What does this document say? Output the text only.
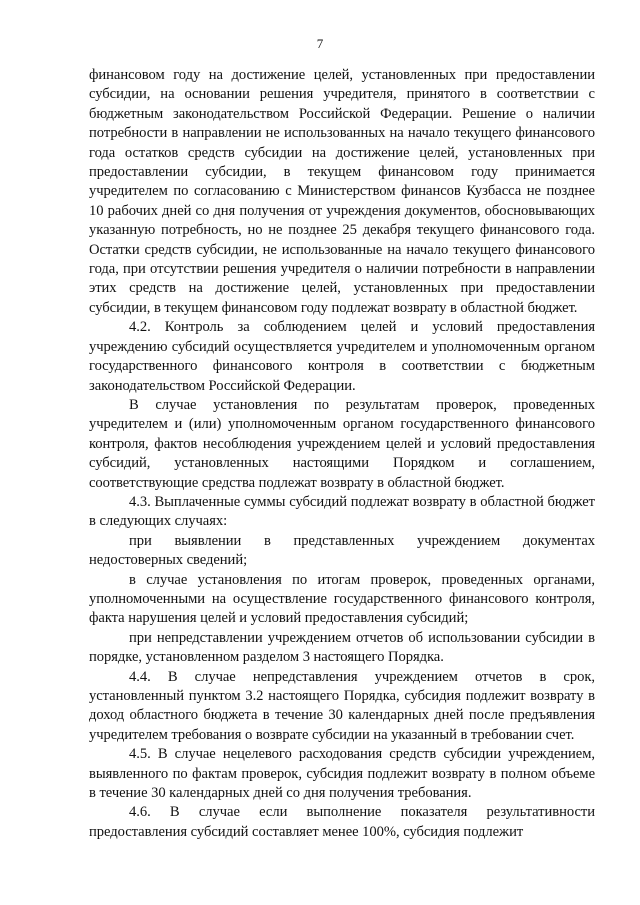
7

финансовом году на достижение целей, установленных при предоставлении субсидии, на основании решения учредителя, принятого в соответствии с бюджетным законодательством Российской Федерации. Решение о наличии потребности в направлении не использованных на начало текущего финансового года остатков средств субсидии на достижение целей, установленных при предоставлении субсидии, в текущем финансовом году принимается учредителем по согласованию с Министерством финансов Кузбасса не позднее 10 рабочих дней со дня получения от учреждения документов, обосновывающих указанную потребность, но не позднее 25 декабря текущего финансового года. Остатки средств субсидии, не использованные на начало текущего финансового года, при отсутствии решения учредителя о наличии потребности в направлении этих средств на достижение целей, установленных при предоставлении субсидии, в текущем финансовом году подлежат возврату в областной бюджет.

4.2. Контроль за соблюдением целей и условий предоставления учреждению субсидий осуществляется учредителем и уполномоченным органом государственного финансового контроля в соответствии с бюджетным законодательством Российской Федерации.

В случае установления по результатам проверок, проведенных учредителем и (или) уполномоченным органом государственного финансового контроля, фактов несоблюдения учреждением целей и условий предоставления субсидий, установленных настоящими Порядком и соглашением, соответствующие средства подлежат возврату в областной бюджет.

4.3. Выплаченные суммы субсидий подлежат возврату в областной бюджет в следующих случаях:

при выявлении в представленных учреждением документах недостоверных сведений;

в случае установления по итогам проверок, проведенных органами, уполномоченными на осуществление государственного финансового контроля, факта нарушения целей и условий предоставления субсидий;

при непредставлении учреждением отчетов об использовании субсидии в порядке, установленном разделом 3 настоящего Порядка.

4.4. В случае непредставления учреждением отчетов в срок, установленный пунктом 3.2 настоящего Порядка, субсидия подлежит возврату в доход областного бюджета в течение 30 календарных дней после предъявления учредителем требования о возврате субсидии на указанный в требовании счет.

4.5. В случае нецелевого расходования средств субсидии учреждением, выявленного по фактам проверок, субсидия подлежит возврату в полном объеме в течение 30 календарных дней со дня получения требования.

4.6. В случае если выполнение показателя результативности предоставления субсидий составляет менее 100%, субсидия подлежит
